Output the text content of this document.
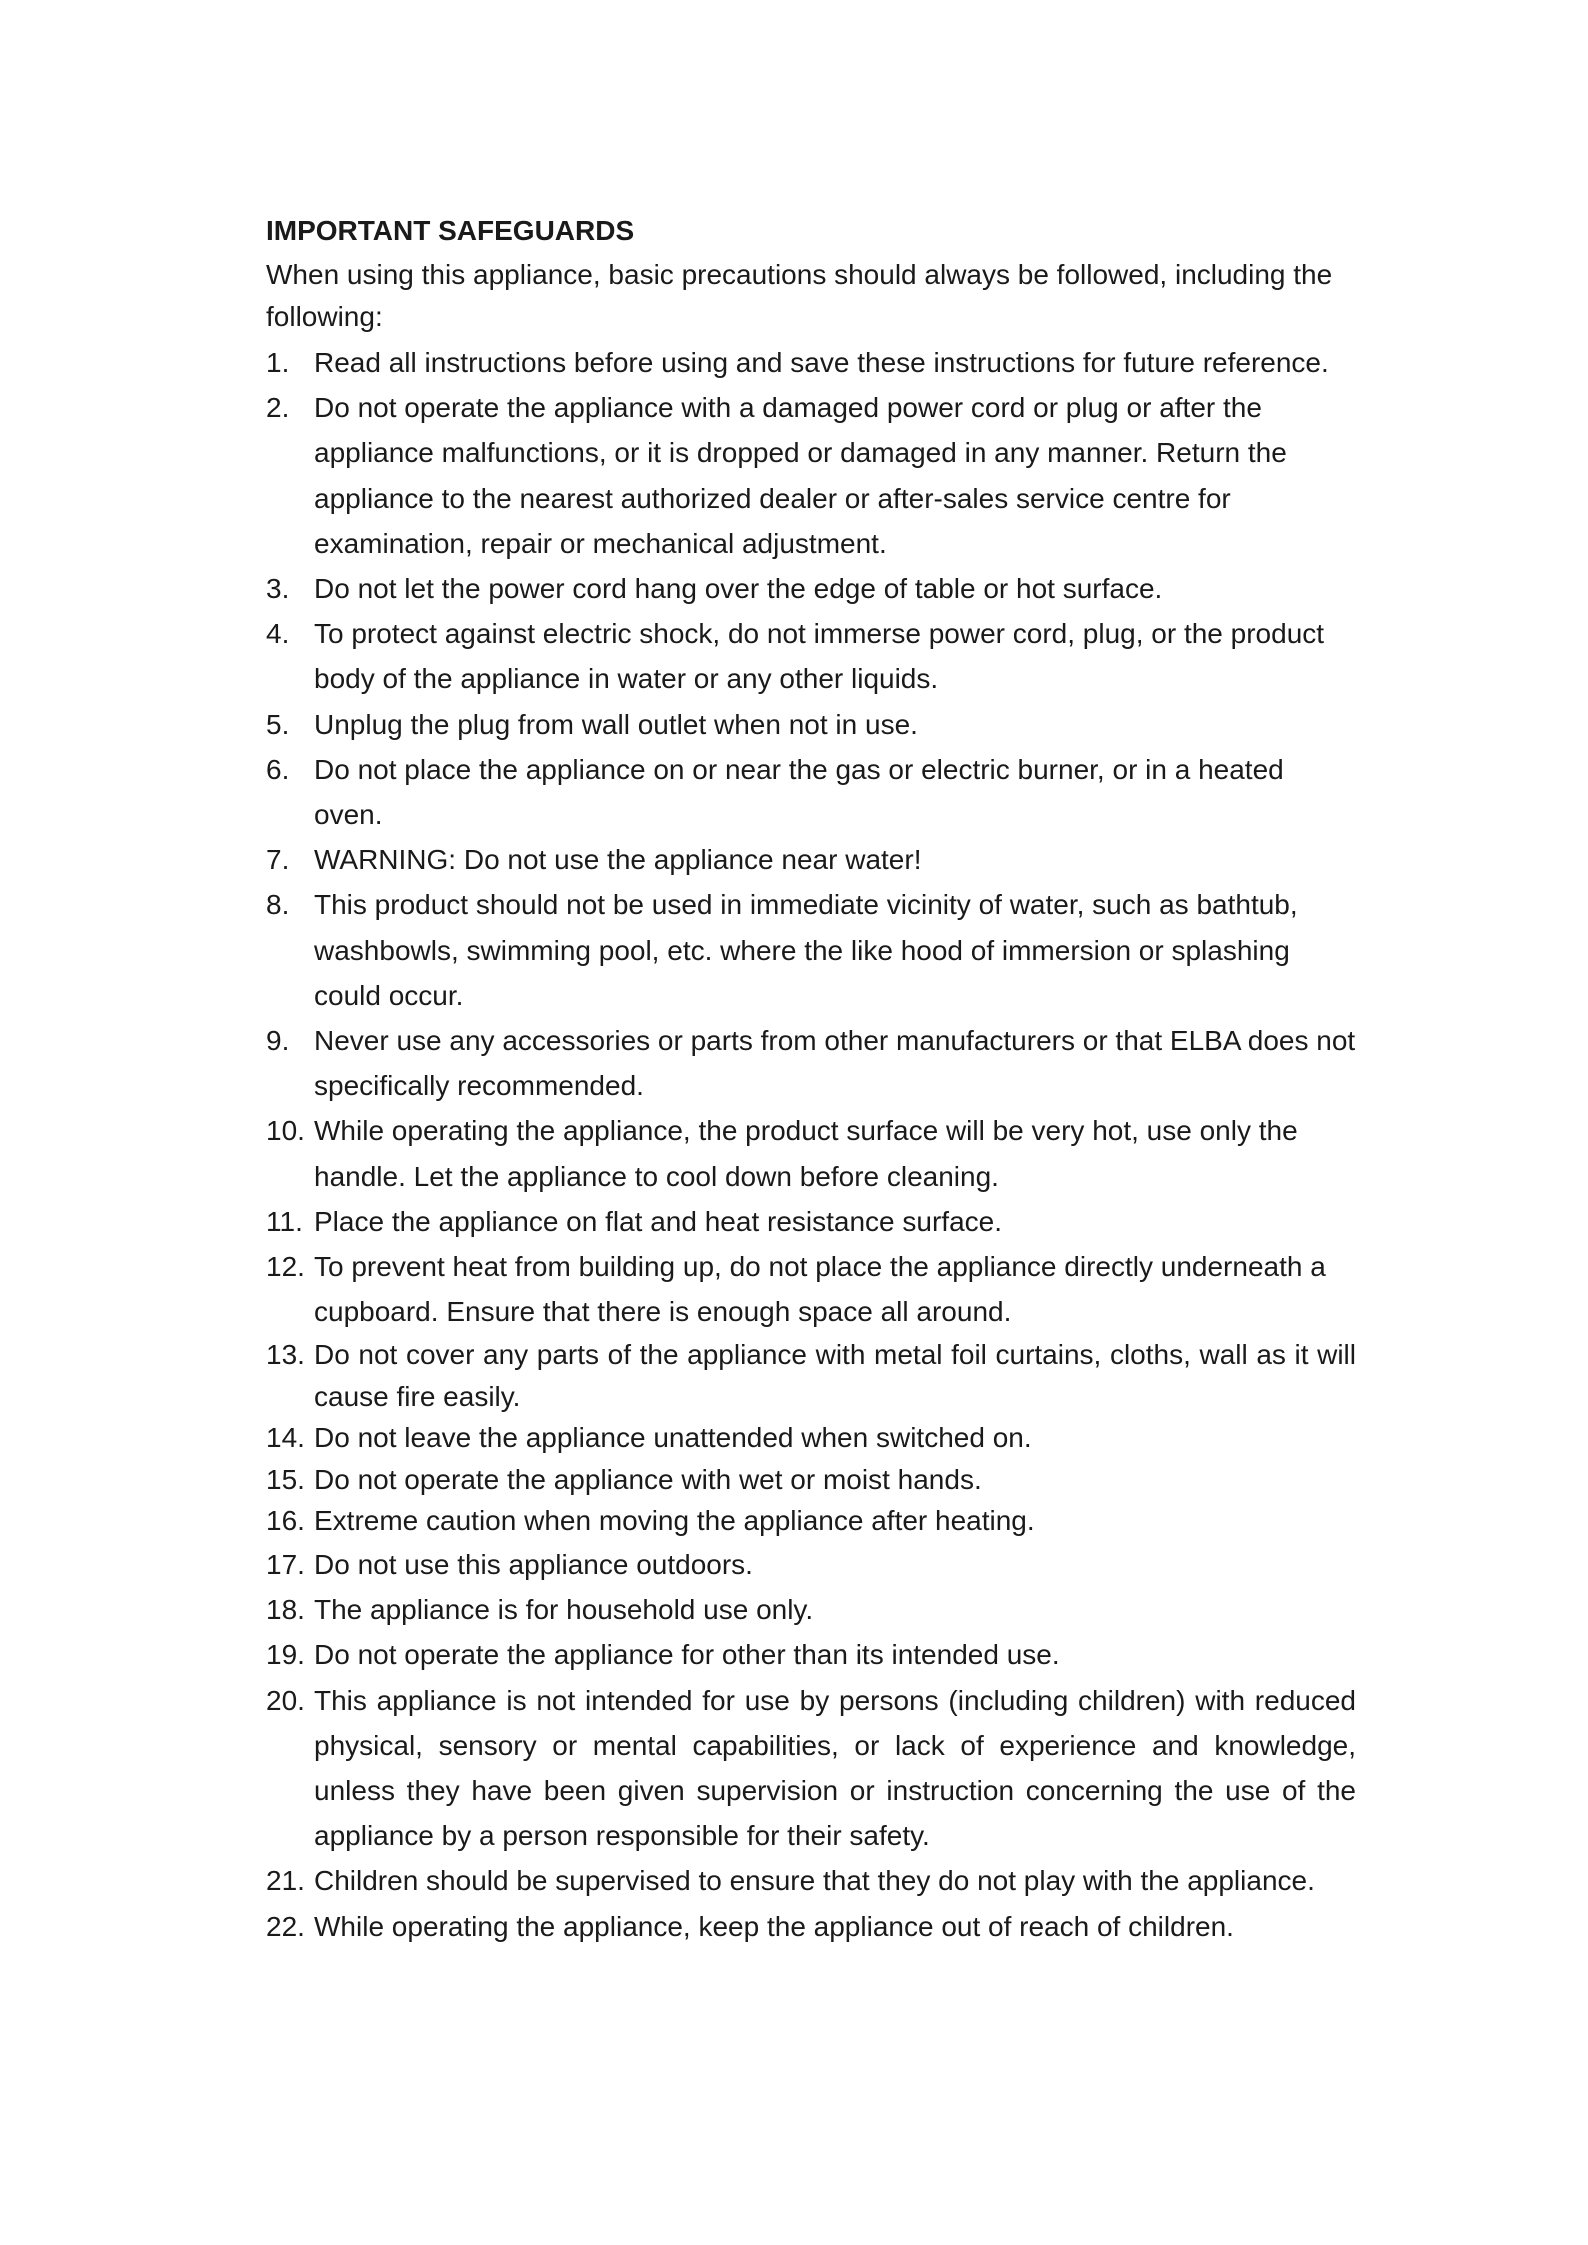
IMPORTANT SAFEGUARDS
When using this appliance, basic precautions should always be followed, including the following:
1. Read all instructions before using and save these instructions for future reference.
2. Do not operate the appliance with a damaged power cord or plug or after the appliance malfunctions, or it is dropped or damaged in any manner. Return the appliance to the nearest authorized dealer or after-sales service centre for examination, repair or mechanical adjustment.
3. Do not let the power cord hang over the edge of table or hot surface.
4. To protect against electric shock, do not immerse power cord, plug, or the product body of the appliance in water or any other liquids.
5. Unplug the plug from wall outlet when not in use.
6. Do not place the appliance on or near the gas or electric burner, or in a heated oven.
7. WARNING: Do not use the appliance near water!
8. This product should not be used in immediate vicinity of water, such as bathtub, washbowls, swimming pool, etc. where the like hood of immersion or splashing could occur.
9. Never use any accessories or parts from other manufacturers or that ELBA does not specifically recommended.
10. While operating the appliance, the product surface will be very hot, use only the handle. Let the appliance to cool down before cleaning.
11. Place the appliance on flat and heat resistance surface.
12. To prevent heat from building up, do not place the appliance directly underneath a cupboard. Ensure that there is enough space all around.
13. Do not cover any parts of the appliance with metal foil curtains, cloths, wall as it will cause fire easily.
14. Do not leave the appliance unattended when switched on.
15. Do not operate the appliance with wet or moist hands.
16. Extreme caution when moving the appliance after heating.
17. Do not use this appliance outdoors.
18. The appliance is for household use only.
19. Do not operate the appliance for other than its intended use.
20. This appliance is not intended for use by persons (including children) with reduced physical, sensory or mental capabilities, or lack of experience and knowledge, unless they have been given supervision or instruction concerning the use of the appliance by a person responsible for their safety.
21. Children should be supervised to ensure that they do not play with the appliance.
22. While operating the appliance, keep the appliance out of reach of children.
